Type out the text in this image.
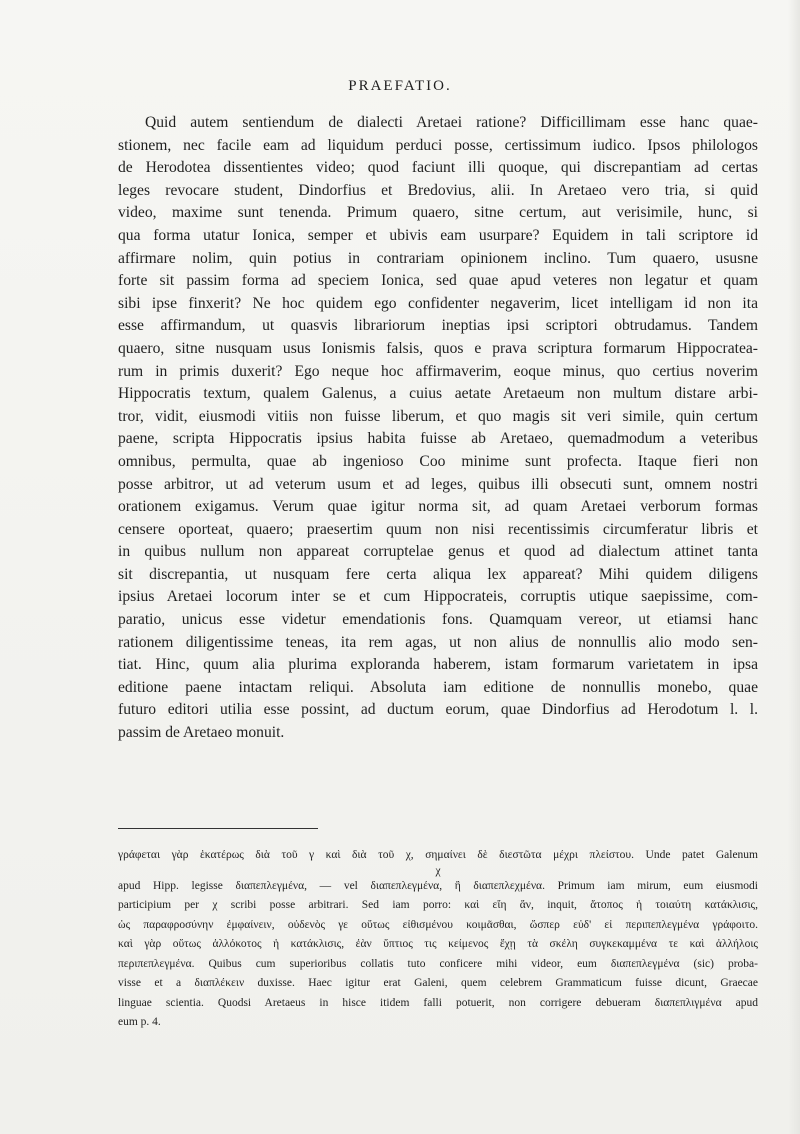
PRAEFATIO.
Quid autem sentiendum de dialecti Aretaei ratione? Difficillimam esse hanc quae-
stionem, nec facile eam ad liquidum perduci posse, certissimum iudico. Ipsos philologos
de Herodotea dissentientes video; quod faciunt illi quoque, qui discrepantiam ad certas
leges revocare student, Dindorfius et Bredovius, alii. In Aretaeo vero tria, si quid
video, maxime sunt tenenda. Primum quaero, sitne certum, aut verisimile, hunc, si
qua forma utatur Ionica, semper et ubivis eam usurpare? Equidem in tali scriptore id
affirmare nolim, quin potius in contrariam opinionem inclino. Tum quaero, ususne
forte sit passim forma ad speciem Ionica, sed quae apud veteres non legatur et quam
sibi ipse finxerit? Ne hoc quidem ego confidenter negaverim, licet intelligam id non ita
esse affirmandum, ut quasvis librariorum ineptias ipsi scriptori obtrudamus. Tandem
quaero, sitne nusquam usus Ionismis falsis, quos e prava scriptura formarum Hippocratea-
rum in primis duxerit? Ego neque hoc affirmaverim, eoque minus, quo certius noverim
Hippocratis textum, qualem Galenus, a cuius aetate Aretaeum non multum distare arbi-
tror, vidit, eiusmodi vitiis non fuisse liberum, et quo magis sit veri simile, quin certum
paene, scripta Hippocratis ipsius habita fuisse ab Aretaeo, quemadmodum a veteribus
omnibus, permulta, quae ab ingenioso Coo minime sunt profecta. Itaque fieri non
posse arbitror, ut ad veterum usum et ad leges, quibus illi obsecuti sunt, omnem nostri
orationem exigamus. Verum quae igitur norma sit, ad quam Aretaei verborum formas
censere oporteat, quaero; praesertim quum non nisi recentissimis circumferatur libris et
in quibus nullum non appareat corruptelae genus et quod ad dialectum attinet tanta
sit discrepantia, ut nusquam fere certa aliqua lex appareat? Mihi quidem diligens
ipsius Aretaei locorum inter se et cum Hippocrateis, corruptis utique saepissime, com-
paratio, unicus esse videtur emendationis fons. Quamquam vereor, ut etiamsi hanc
rationem diligentissime teneas, ita rem agas, ut non alius de nonnullis alio modo sen-
tiat. Hinc, quum alia plurima exploranda haberem, istam formarum varietatem in ipsa
editione paene intactam reliqui. Absoluta iam editione de nonnullis monebo, quae
futuro editori utilia esse possint, ad ductum eorum, quae Dindorfius ad Herodotum l. l.
passim de Aretaeo monuit.
γράφεται γὰρ ἑκατέρως διὰ τοῦ γ καὶ διὰ τοῦ χ, σημαίνει δὲ διεστῶτα μέχρι πλείστου. Unde patet Galenum
χ
apud Hipp. legisse διαπεπλεγμένα, — vel διαπεπλεγμένα, ἢ διαπεπλεχμένα. Primum iam mirum, eum eiusmodi
participium per χ scribi posse arbitrari. Sed iam porro: καὶ εἴη ἄν, inquit, ἄτοπος ἡ τοιαύτη κατάκλισις,
ὡς παραφροσύνην ἐμφαίνειν, οὐδενὸς γε οὕτως εἰθισμένου κοιμᾶσθαι, ὥσπερ εὐδ' εἰ περιπεπλεγμένα γράφοιτο.
καὶ γὰρ οὕτως ἀλλόκοτος ἡ κατάκλισις, ἐὰν ὕπτιος τις κείμενος ἔχῃ τὰ σκέλη συγκεκαμμένα τε καὶ ἀλλήλοις
περιπεπλεγμένα. Quibus cum superioribus collatis tuto conficere mihi videor, eum διαπεπλεγμένα (sic) proba-
visse et a διαπλέκειν duxisse. Haec igitur erat Galeni, quem celebrem Grammaticum fuisse dicunt, Graecae
linguae scientia. Quodsi Aretaeus in hisce itidem falli potuerit, non corrigere debueram διαπεπλιγμένα apud
eum p. 4.
